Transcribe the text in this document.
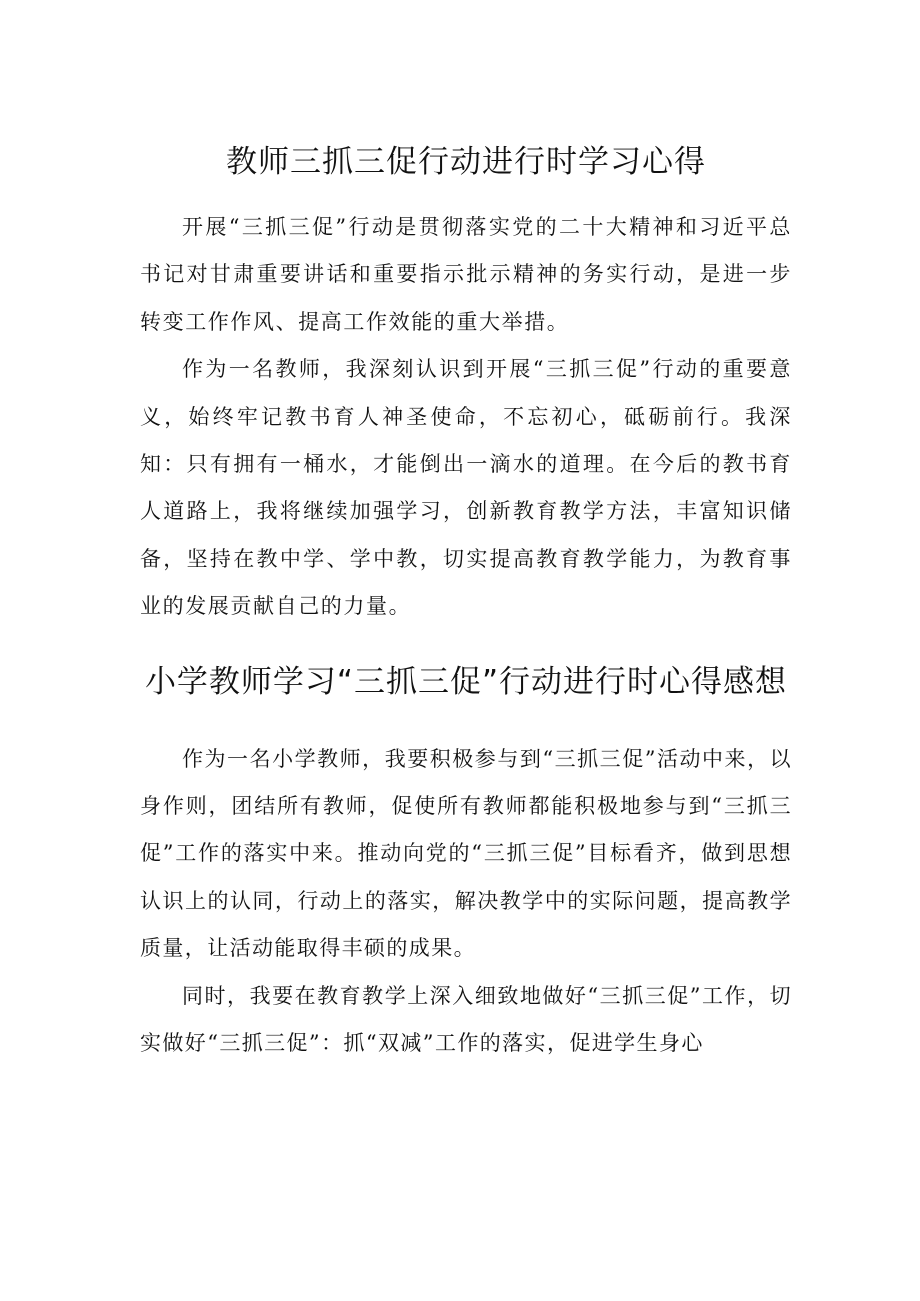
教师三抓三促行动进行时学习心得

开展“三抓三促”行动是贯彻落实党的二十大精神和习近平总书记对甘肃重要讲话和重要指示批示精神的务实行动，是进一步转变工作作风、提高工作效能的重大举措。

作为一名教师，我深刻认识到开展“三抓三促”行动的重要意义，始终牢记教书育人神圣使命，不忘初心，砥砺前行。我深知：只有拥有一桶水，才能倒出一滴水的道理。在今后的教书育人道路上，我将继续加强学习，创新教育教学方法，丰富知识储备，坚持在教中学、学中教，切实提高教育教学能力，为教育事业的发展贡献自己的力量。

小学教师学习“三抓三促”行动进行时心得感想

作为一名小学教师，我要积极参与到“三抓三促”活动中来，以身作则，团结所有教师，促使所有教师都能积极地参与到“三抓三促”工作的落实中来。推动向党的“三抓三促”目标看齐，做到思想认识上的认同，行动上的落实，解决教学中的实际问题，提高教学质量，让活动能取得丰硕的成果。

同时，我要在教育教学上深入细致地做好“三抓三促”工作，切实做好“三抓三促”：抓“双减”工作的落实，促进学生身心
